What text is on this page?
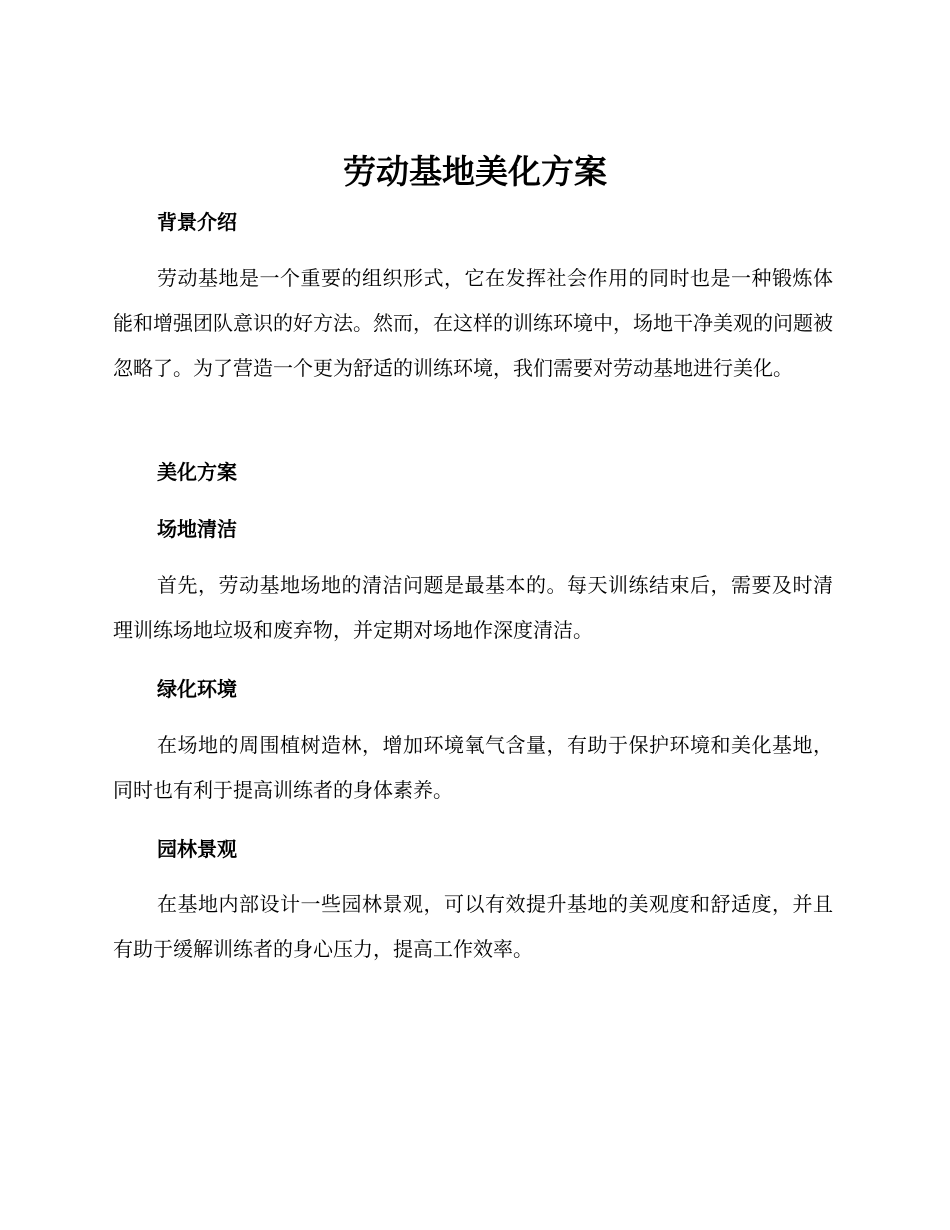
劳动基地美化方案
背景介绍
劳动基地是一个重要的组织形式，它在发挥社会作用的同时也是一种锻炼体能和增强团队意识的好方法。然而，在这样的训练环境中，场地干净美观的问题被忽略了。为了营造一个更为舒适的训练环境，我们需要对劳动基地进行美化。
美化方案
场地清洁
首先，劳动基地场地的清洁问题是最基本的。每天训练结束后，需要及时清理训练场地垃圾和废弃物，并定期对场地作深度清洁。
绿化环境
在场地的周围植树造林，增加环境氧气含量，有助于保护环境和美化基地，同时也有利于提高训练者的身体素养。
园林景观
在基地内部设计一些园林景观，可以有效提升基地的美观度和舒适度，并且有助于缓解训练者的身心压力，提高工作效率。
